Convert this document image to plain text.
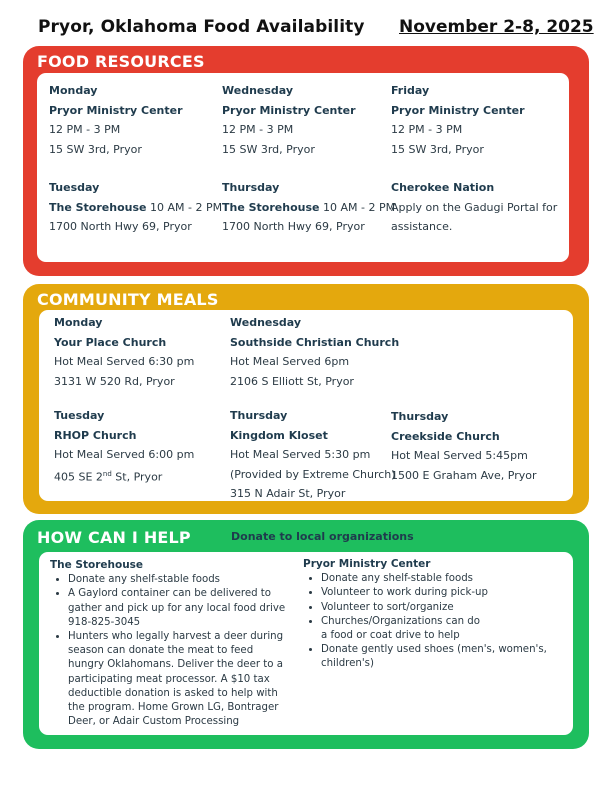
Pryor, Oklahoma Food Availability November 2-8, 2025
FOOD RESOURCES
Monday
Pryor Ministry Center
12 PM - 3 PM
15 SW 3rd, Pryor
Wednesday
Pryor Ministry Center
12 PM - 3 PM
15 SW 3rd, Pryor
Friday
Pryor Ministry Center
12 PM - 3 PM
15 SW 3rd, Pryor
Tuesday
The Storehouse 10 AM - 2 PM
1700 North Hwy 69, Pryor
Thursday
The Storehouse 10 AM - 2 PM
1700 North Hwy 69, Pryor
Cherokee Nation
Apply on the Gadugi Portal for
assistance.
COMMUNITY MEALS
Monday
Your Place Church
Hot Meal Served 6:30 pm
3131 W 520 Rd, Pryor
Wednesday
Southside Christian Church
Hot Meal Served 6pm
2106 S Elliott St, Pryor
Tuesday
RHOP Church
Hot Meal Served 6:00 pm
405 SE 2nd St, Pryor
Thursday
Kingdom Kloset
Hot Meal Served 5:30 pm
(Provided by Extreme Church)
315 N Adair St, Pryor
Thursday
Creekside Church
Hot Meal Served 5:45pm
1500 E Graham Ave, Pryor
HOW CAN I HELP	Donate to local organizations
The Storehouse
• Donate any shelf-stable foods
• A Gaylord container can be delivered to gather and pick up for any local food drive 918-825-3045
• Hunters who legally harvest a deer during season can donate the meat to feed hungry Oklahomans. Deliver the deer to a participating meat processor. A $10 tax deductible donation is asked to help with the program. Home Grown LG, Bontrager Deer, or Adair Custom Processing
Pryor Ministry Center
• Donate any shelf-stable foods
• Volunteer to work during pick-up
• Volunteer to sort/organize
• Churches/Organizations can do a food or coat drive to help
• Donate gently used shoes (men's, women's, children's)
